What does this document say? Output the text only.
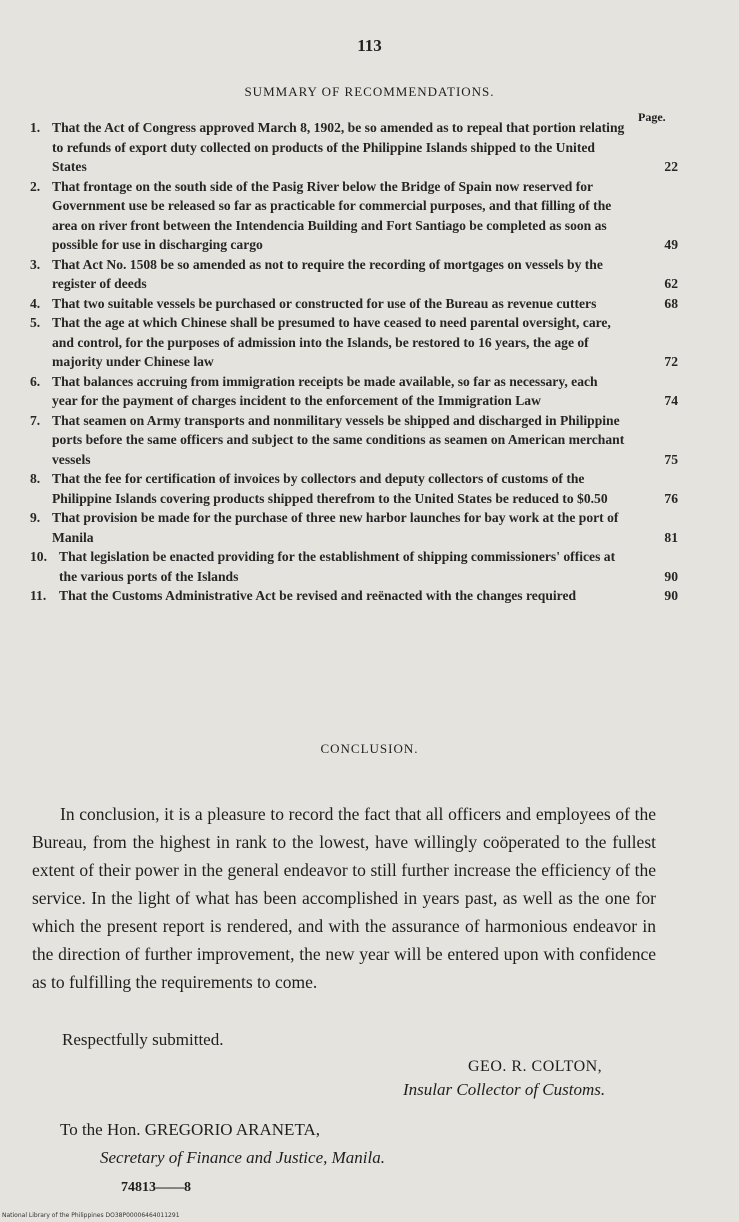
113
SUMMARY OF RECOMMENDATIONS.
Page.
1. That the Act of Congress approved March 8, 1902, be so amended as to repeal that portion relating to refunds of export duty collected on products of the Philippine Islands shipped to the United States	22
2. That frontage on the south side of the Pasig River below the Bridge of Spain now reserved for Government use be released so far as practicable for commercial purposes, and that filling of the area on river front between the Intendencia Building and Fort Santiago be completed as soon as possible for use in discharging cargo	49
3. That Act No. 1508 be so amended as not to require the recording of mortgages on vessels by the register of deeds	62
4. That two suitable vessels be purchased or constructed for use of the Bureau as revenue cutters	68
5. That the age at which Chinese shall be presumed to have ceased to need parental oversight, care, and control, for the purposes of admission into the Islands, be restored to 16 years, the age of majority under Chinese law	72
6. That balances accruing from immigration receipts be made available, so far as necessary, each year for the payment of charges incident to the enforcement of the Immigration Law	74
7. That seamen on Army transports and nonmilitary vessels be shipped and discharged in Philippine ports before the same officers and subject to the same conditions as seamen on American merchant vessels	75
8. That the fee for certification of invoices by collectors and deputy collectors of customs of the Philippine Islands covering products shipped therefrom to the United States be reduced to $0.50	76
9. That provision be made for the purchase of three new harbor launches for bay work at the port of Manila	81
10. That legislation be enacted providing for the establishment of shipping commissioners' offices at the various ports of the Islands	90
11. That the Customs Administrative Act be revised and reënacted with the changes required	90
CONCLUSION.
In conclusion, it is a pleasure to record the fact that all officers and employees of the Bureau, from the highest in rank to the lowest, have willingly coöperated to the fullest extent of their power in the general endeavor to still further increase the efficiency of the service. In the light of what has been accomplished in years past, as well as the one for which the present report is rendered, and with the assurance of harmonious endeavor in the direction of further improvement, the new year will be entered upon with confidence as to fulfilling the requirements to come.
Respectfully submitted.
GEO. R. COLTON,
Insular Collector of Customs.
To the Hon. GREGORIO ARANETA,
Secretary of Finance and Justice, Manila.
74813——8
National Library of the Philippines DO38P00006464011291
